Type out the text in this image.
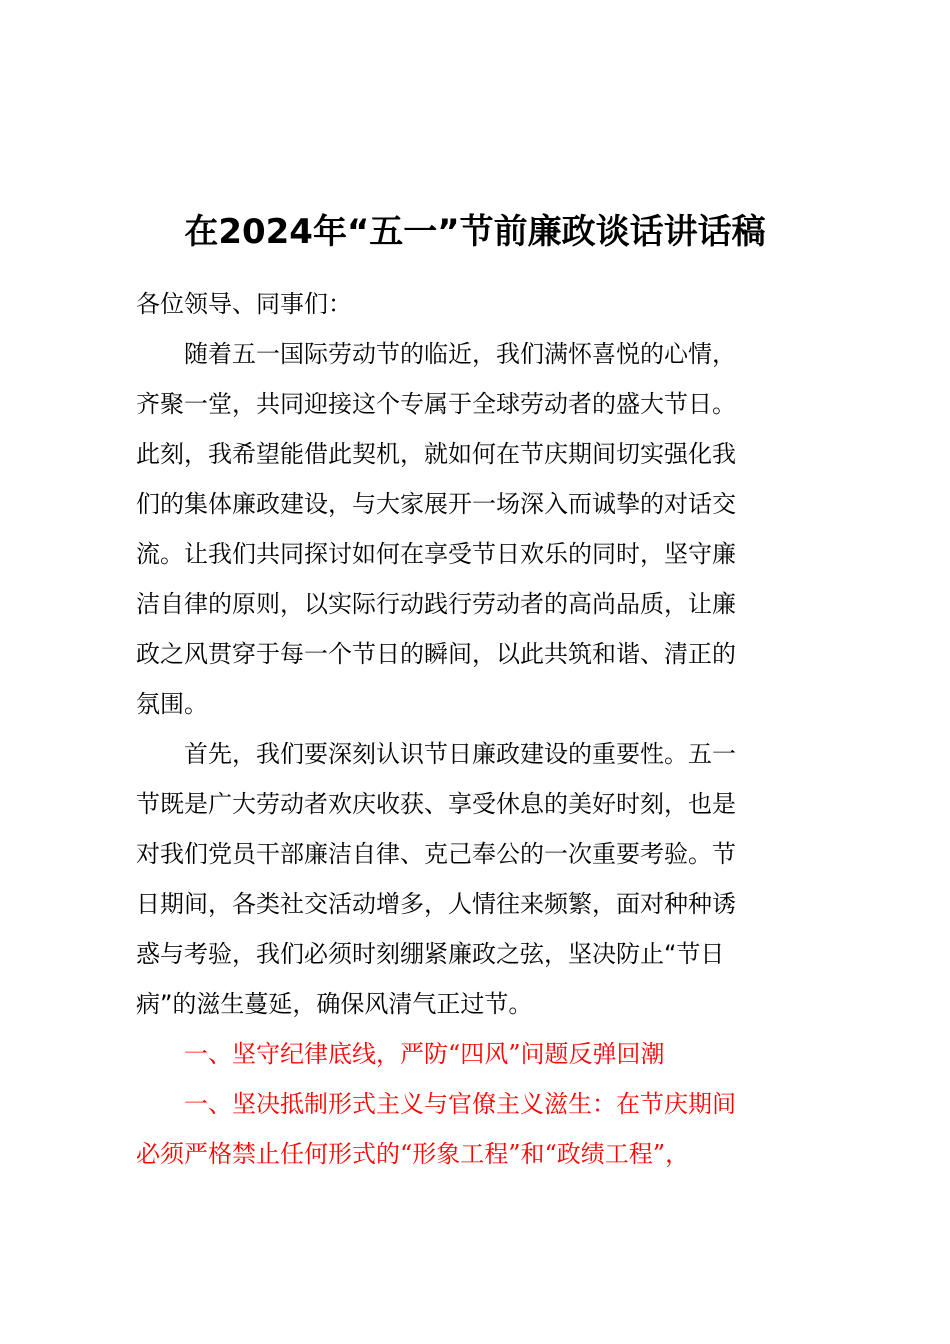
在2024年“五一”节前廉政谈话讲话稿
各位领导、同事们：
随着五一国际劳动节的临近，我们满怀喜悦的心情，
齐聚一堂，共同迎接这个专属于全球劳动者的盛大节日。
此刻，我希望能借此契机，就如何在节庆期间切实强化我
们的集体廉政建设，与大家展开一场深入而诚挚的对话交
流。让我们共同探讨如何在享受节日欢乐的同时，坚守廉
洁自律的原则，以实际行动践行劳动者的高尚品质，让廉
政之风贯穿于每一个节日的瞬间，以此共筑和谐、清正的
氛围。
首先，我们要深刻认识节日廉政建设的重要性。五一
节既是广大劳动者欢庆收获、享受休息的美好时刻，也是
对我们党员干部廉洁自律、克己奉公的一次重要考验。节
日期间，各类社交活动增多，人情往来频繁，面对种种诱
惑与考验，我们必须时刻绷紧廉政之弦，坚决防止“节日
病”的滋生蔓延，确保风清气正过节。
一、坚守纪律底线，严防“四风”问题反弹回潮
一、坚决抵制形式主义与官僚主义滋生：在节庆期间
必须严格禁止任何形式的“形象工程”和“政绩工程”，
